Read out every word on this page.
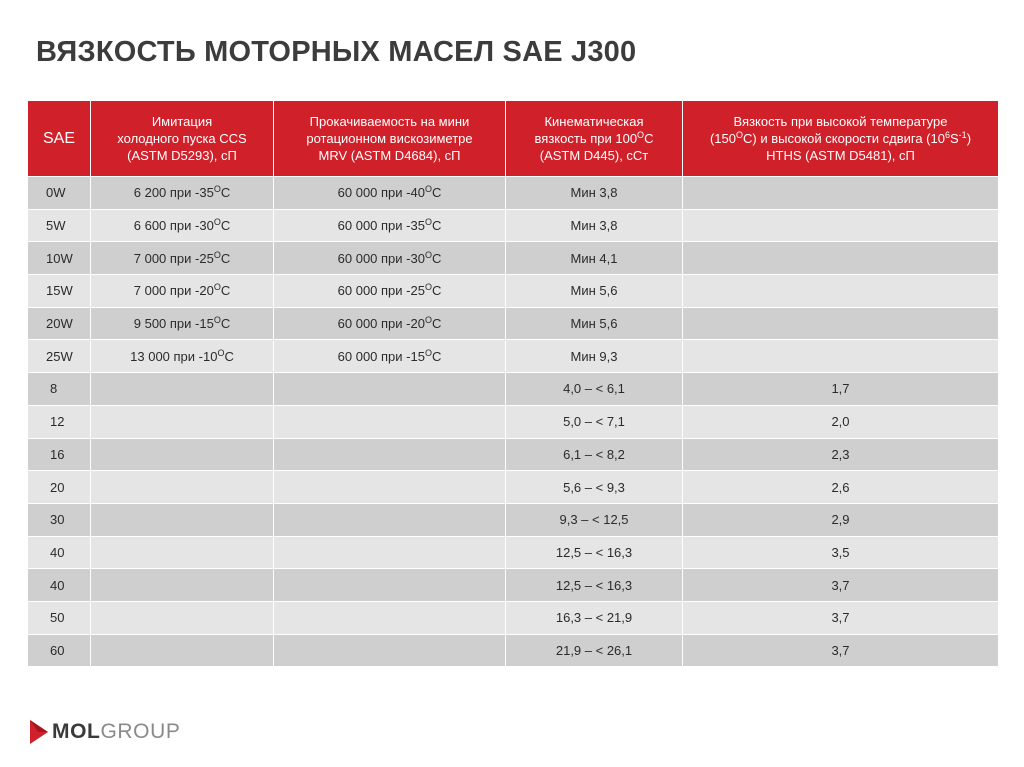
ВЯЗКОСТЬ МОТОРНЫХ МАСЕЛ SAE J300
SAE	Имитация
холодного пуска CCS
(ASTM D5293), сП	Прокачиваемость на мини
ротационном вискозиметре
MRV (ASTM D4684), сП	Кинематическая
вязкость при $100^ОС$
(ASTM D445), сСт	Вязкость при высокой температуре
$(150^ОС)$ и высокой скорости сдвига $(10^6S^{-1})$
HTHS (ASTM D5481), сП
0W	6 200 при $-35^ОС$	60 000 при $-40^ОС$	Мин 3,8	
5W	6 600 при $-30^ОС$	60 000 при $-35^ОС$	Мин 3,8	
10W	7 000 при $-25^ОС$	60 000 при $-30^ОС$	Мин 4,1	
15W	7 000 при $-20^ОС$	60 000 при $-25^ОС$	Мин 5,6	
20W	9 500 при $-15^ОС$	60 000 при $-20^ОС$	Мин 5,6	
25W	13 000 при $-10^ОС$	60 000 при $-15^ОС$	Мин 9,3	
8			4,0 – < 6,1	1,7
12			5,0 – < 7,1	2,0
16			6,1 – < 8,2	2,3
20			5,6 – < 9,3	2,6
30			9,3 – < 12,5	2,9
40			12,5 – < 16,3	3,5
40			12,5 – < 16,3	3,7
50			16,3 – < 21,9	3,7
60			21,9 – < 26,1	3,7
MOLGROUP
